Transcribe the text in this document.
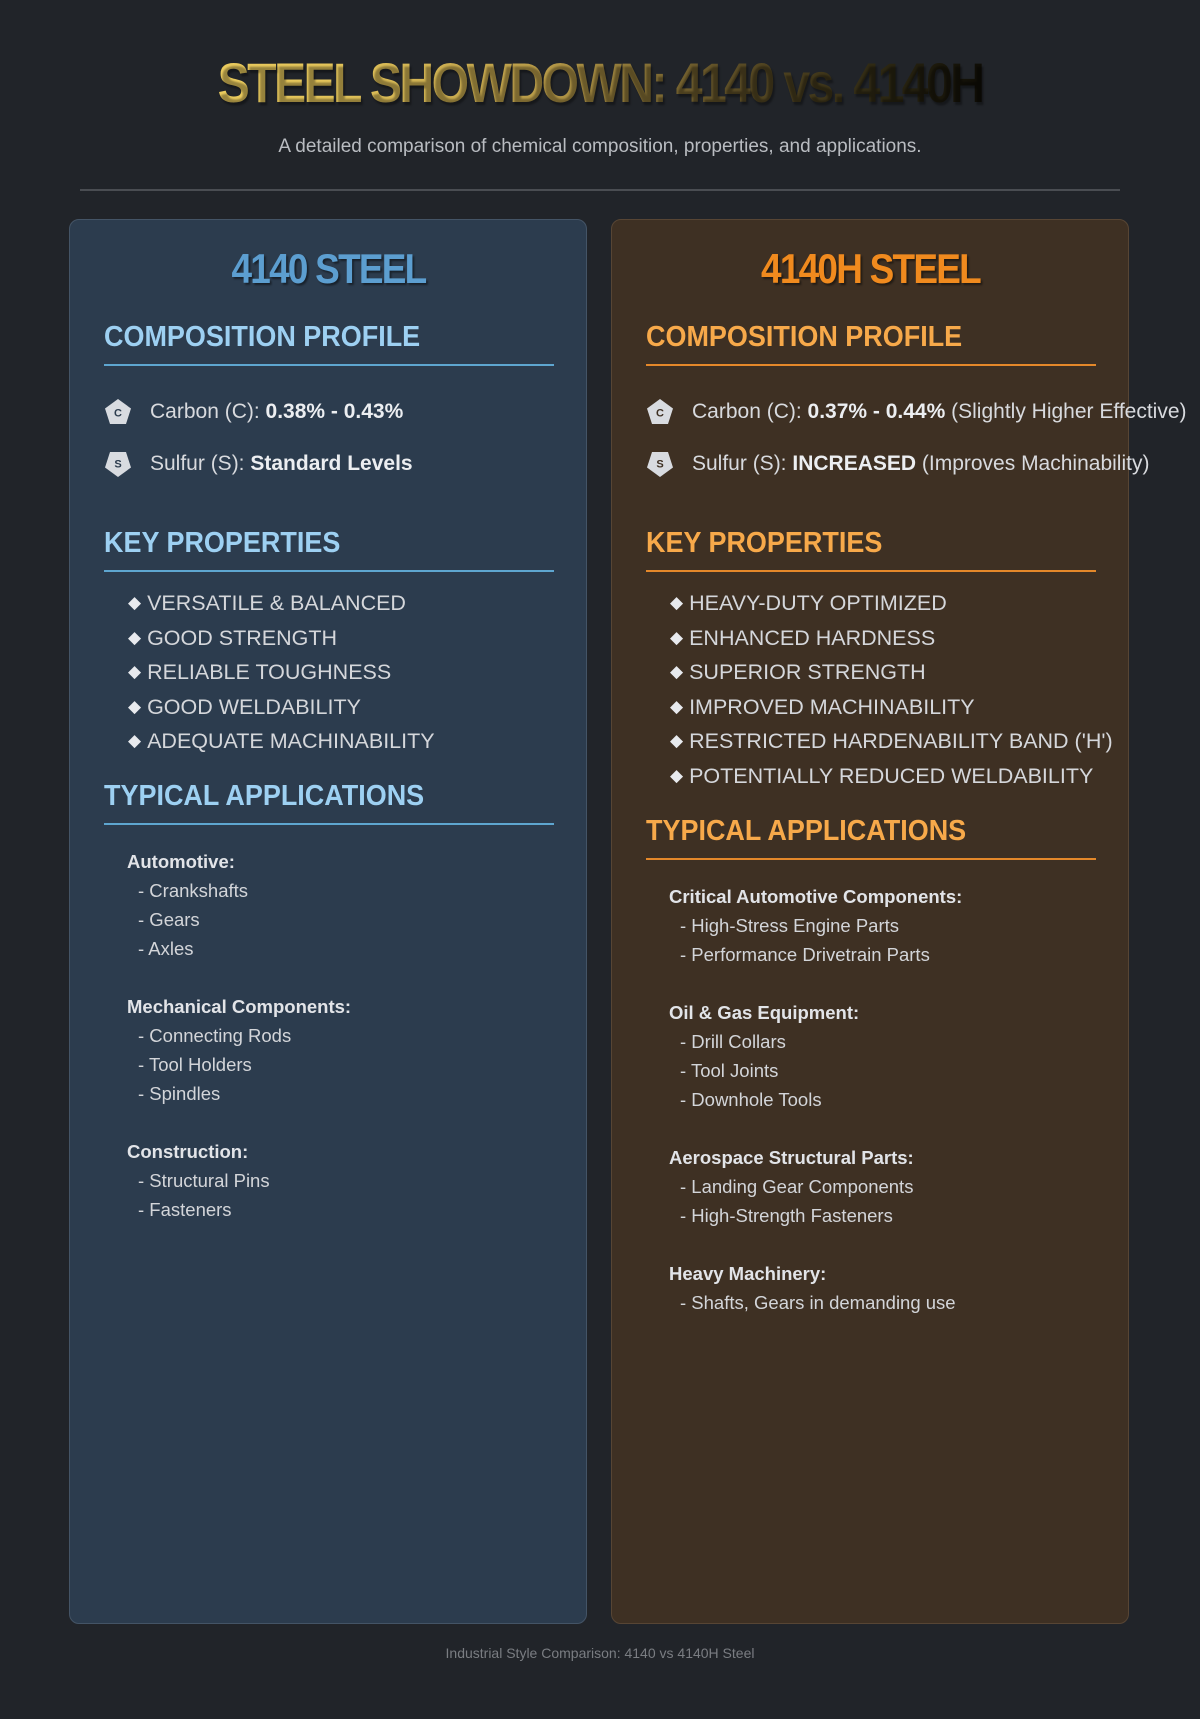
STEEL SHOWDOWN: 4140 vs. 4140H

A detailed comparison of chemical composition, properties, and applications.

4140 STEEL
COMPOSITION PROFILE
C Carbon (C): 0.38% - 0.43%
S Sulfur (S): Standard Levels
KEY PROPERTIES
◆ VERSATILE & BALANCED
◆ GOOD STRENGTH
◆ RELIABLE TOUGHNESS
◆ GOOD WELDABILITY
◆ ADEQUATE MACHINABILITY
TYPICAL APPLICATIONS
Automotive:
- Crankshafts
- Gears
- Axles
Mechanical Components:
- Connecting Rods
- Tool Holders
- Spindles
Construction:
- Structural Pins
- Fasteners
4140H STEEL
COMPOSITION PROFILE
C Carbon (C): 0.37% - 0.44% (Slightly Higher Effective)
S Sulfur (S): INCREASED (Improves Machinability)
KEY PROPERTIES
◆ HEAVY-DUTY OPTIMIZED
◆ ENHANCED HARDNESS
◆ SUPERIOR STRENGTH
◆ IMPROVED MACHINABILITY
◆ RESTRICTED HARDENABILITY BAND ('H')
◆ POTENTIALLY REDUCED WELDABILITY
TYPICAL APPLICATIONS
Critical Automotive Components:
- High-Stress Engine Parts
- Performance Drivetrain Parts
Oil & Gas Equipment:
- Drill Collars
- Tool Joints
- Downhole Tools
Aerospace Structural Parts:
- Landing Gear Components
- High-Strength Fasteners
Heavy Machinery:
- Shafts, Gears in demanding use
Industrial Style Comparison: 4140 vs 4140H Steel
